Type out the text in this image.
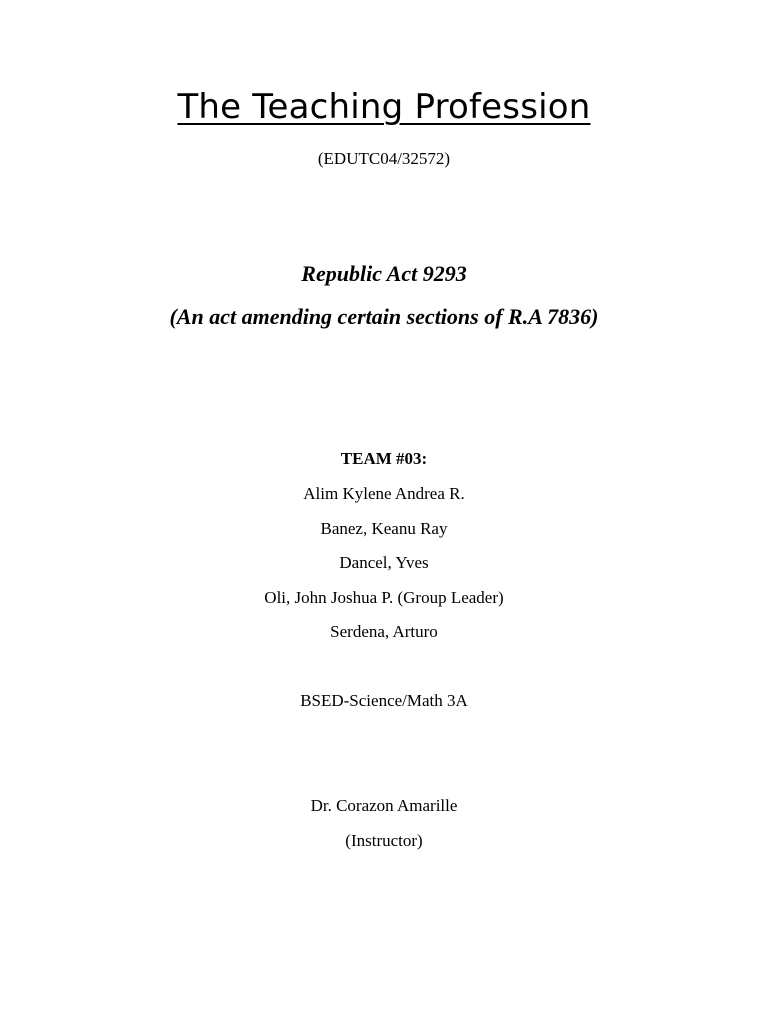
The Teaching Profession
(EDUTC04/32572)
Republic Act 9293
(An act amending certain sections of R.A 7836)
TEAM #03:
Alim Kylene Andrea R.
Banez, Keanu Ray
Dancel, Yves
Oli, John Joshua P. (Group Leader)
Serdena, Arturo
BSED-Science/Math 3A
Dr. Corazon Amarille
(Instructor)
